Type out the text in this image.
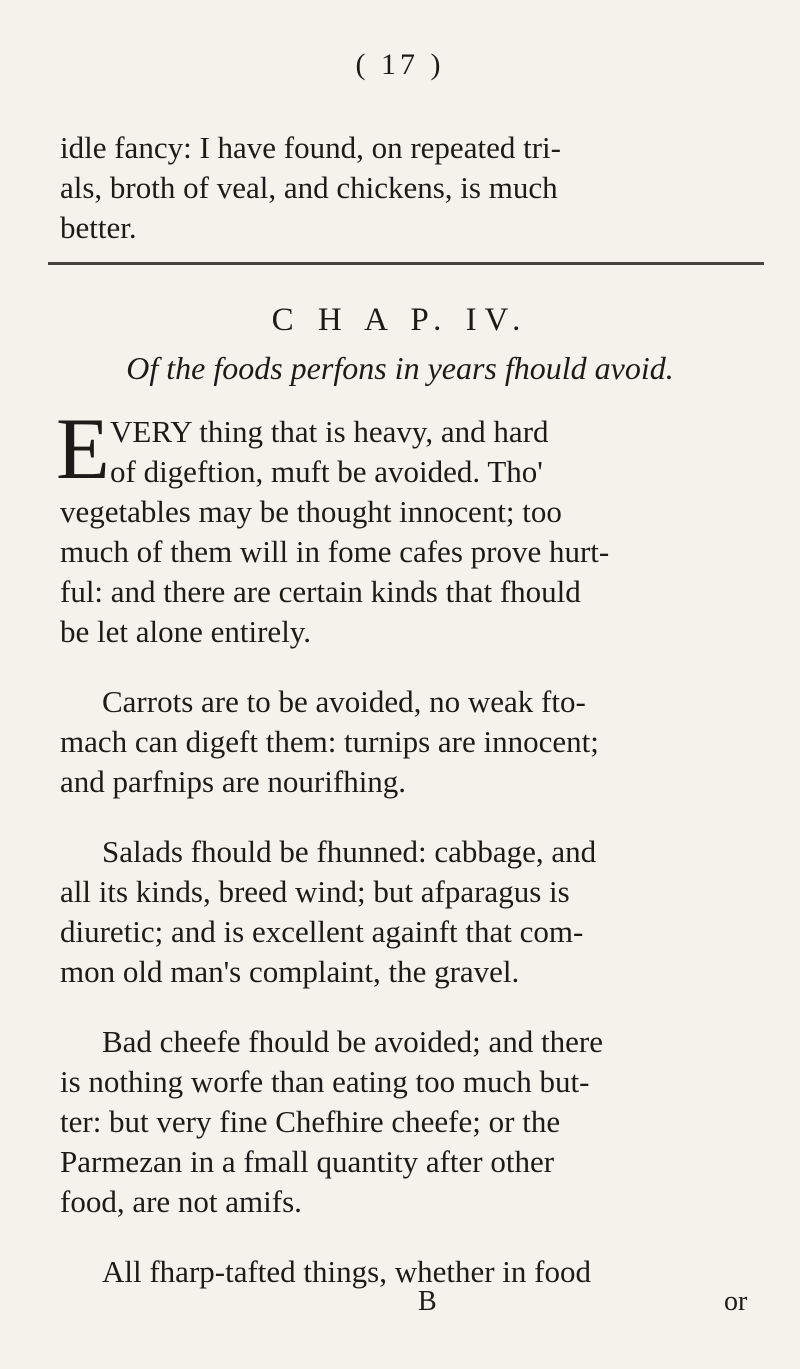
( 17 )
idle fancy: I have found, on repeated tri-
als, broth of veal, and chickens, is much
better.
C H A P. IV.
Of the foods perfons in years fhould avoid.
E VERY thing that is heavy, and hard
of digeftion, muft be avoided. Tho'
vegetables may be thought innocent; too
much of them will in fome cafes prove hurt-
ful: and there are certain kinds that fhould
be let alone entirely.
Carrots are to be avoided, no weak fto-
mach can digeft them: turnips are innocent;
and parfnips are nourifhing.
Salads fhould be fhunned: cabbage, and
all its kinds, breed wind; but afparagus is
diuretic; and is excellent againft that com-
mon old man's complaint, the gravel.
Bad cheefe fhould be avoided; and there
is nothing worfe than eating too much but-
ter: but very fine Chefhire cheefe; or the
Parmezan in a fmall quantity after other
food, are not amifs.
All fharp-tafted things, whether in food
B	or
